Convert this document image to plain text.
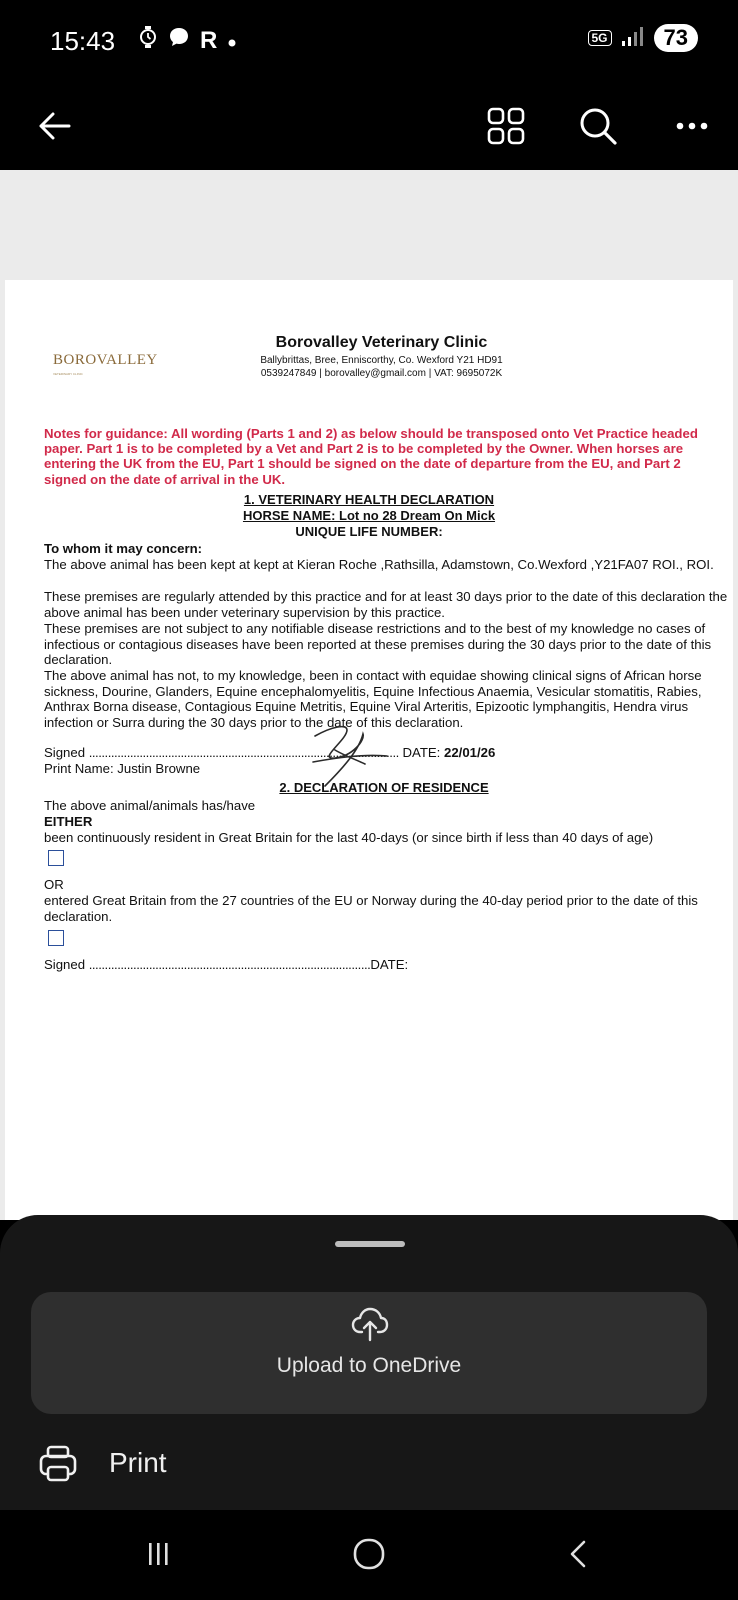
15:43	R	5G	73
BOROVALLEY
VETERINARY CLINIC
Borovalley Veterinary Clinic
Ballybrittas, Bree, Enniscorthy, Co. Wexford Y21 HD91
0539247849 | borovalley@gmail.com | VAT: 9695072K
Notes for guidance: All wording (Parts 1 and 2) as below should be transposed onto Vet Practice headed paper. Part 1 is to be completed by a Vet and Part 2 is to be completed by the Owner. When horses are entering the UK from the EU, Part 1 should be signed on the date of departure from the EU, and Part 2 signed on the date of arrival in the UK.
1. VETERINARY HEALTH DECLARATION
HORSE NAME: Lot no 28 Dream On Mick
UNIQUE LIFE NUMBER:
To whom it may concern:
The above animal has been kept at kept at Kieran Roche ,Rathsilla, Adamstown, Co.Wexford ,Y21FA07 ROI., ROI.
These premises are regularly attended by this practice and for at least 30 days prior to the date of this declaration the above animal has been under veterinary supervision by this practice.
These premises are not subject to any notifiable disease restrictions and to the best of my knowledge no cases of infectious or contagious diseases have been reported at these premises during the 30 days prior to the date of this declaration.
The above animal has not, to my knowledge, been in contact with equidae showing clinical signs of African horse sickness, Dourine, Glanders, Equine encephalomyelitis, Equine Infectious Anaemia, Vesicular stomatitis, Rabies, Anthrax Borna disease, Contagious Equine Metritis, Equine Viral Arteritis, Epizootic lymphangitis, Hendra virus infection or Surra during the 30 days prior to the date of this declaration.
Signed .................................................................................................. DATE: 22/01/26
Print Name: Justin Browne
2. DECLARATION OF RESIDENCE
The above animal/animals has/have
EITHER
been continuously resident in Great Britain for the last 40-days (or since birth if less than 40 days of age)
OR
entered Great Britain from the 27 countries of the EU or Norway during the 40-day period prior to the date of this declaration.
Signed .........................................................................................DATE:
Upload to OneDrive
Print
